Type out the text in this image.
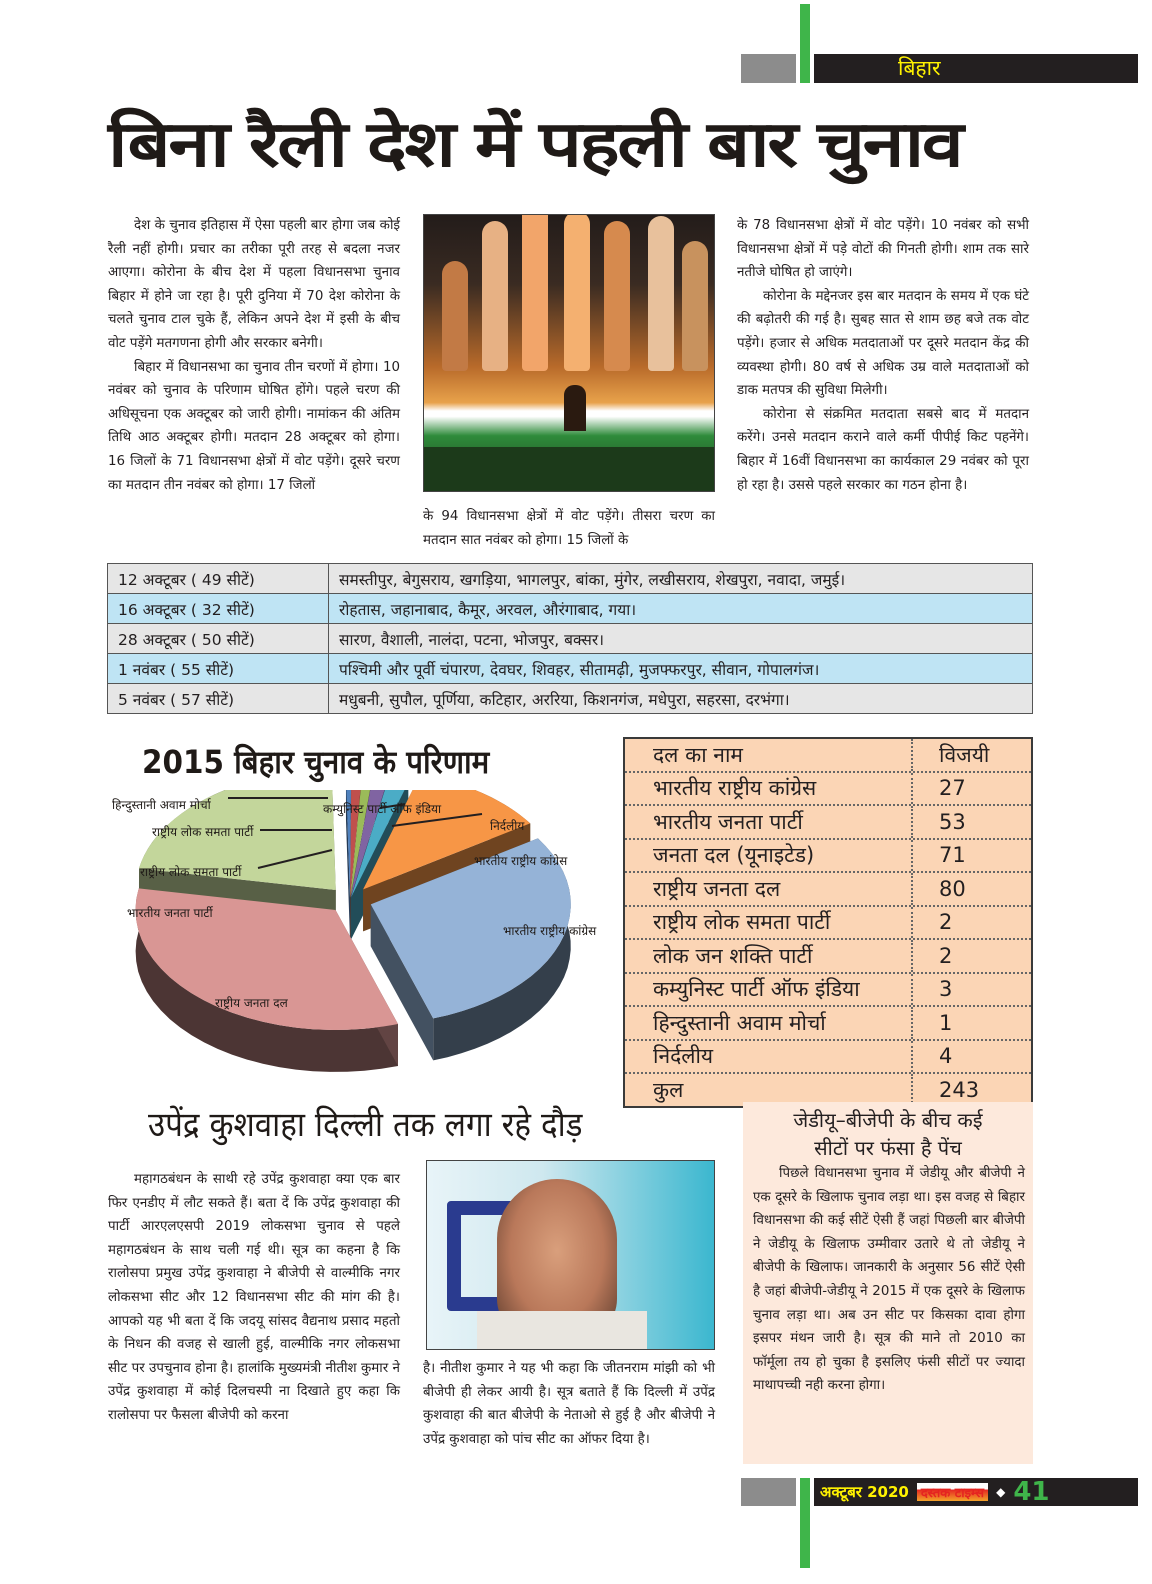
बिहार
बिना रैली देश में पहली बार चुनाव

देश के चुनाव इतिहास में ऐसा पहली बार होगा जब कोई रैली नहीं होगी। प्रचार का तरीका पूरी तरह से बदला नजर आएगा। कोरोना के बीच देश में पहला विधानसभा चुनाव बिहार में होने जा रहा है। पूरी दुनिया में 70 देश कोरोना के चलते चुनाव टाल चुके हैं, लेकिन अपने देश में इसी के बीच वोट पड़ेंगे मतगणना होगी और सरकार बनेगी।

बिहार में विधानसभा का चुनाव तीन चरणों में होगा। 10 नवंबर को चुनाव के परिणाम घोषित होंगे। पहले चरण की अधिसूचना एक अक्टूबर को जारी होगी। नामांकन की अंतिम तिथि आठ अक्टूबर होगी। मतदान 28 अक्टूबर को होगा। 16 जिलों के 71 विधानसभा क्षेत्रों में वोट पड़ेंगे। दूसरे चरण का मतदान तीन नवंबर को होगा। 17 जिलों

के 94 विधानसभा क्षेत्रों में वोट पड़ेंगे। तीसरा चरण का मतदान सात नवंबर को होगा। 15 जिलों के

के 78 विधानसभा क्षेत्रों में वोट पड़ेंगे। 10 नवंबर को सभी विधानसभा क्षेत्रों में पड़े वोटों की गिनती होगी। शाम तक सारे नतीजे घोषित हो जाएंगे।

कोरोना के मद्देनजर इस बार मतदान के समय में एक घंटे की बढ़ोतरी की गई है। सुबह सात से शाम छह बजे तक वोट पड़ेंगे। हजार से अधिक मतदाताओं पर दूसरे मतदान केंद्र की व्यवस्था होगी। 80 वर्ष से अधिक उम्र वाले मतदाताओं को डाक मतपत्र की सुविधा मिलेगी।

कोरोना से संक्रमित मतदाता सबसे बाद में मतदान करेंगे। उनसे मतदान कराने वाले कर्मी पीपीई किट पहनेंगे। बिहार में 16वीं विधानसभा का कार्यकाल 29 नवंबर को पूरा हो रहा है। उससे पहले सरकार का गठन होना है।

12 अक्टूबर ( 49 सीटें)	समस्तीपुर, बेगुसराय, खगड़िया, भागलपुर, बांका, मुंगेर, लखीसराय, शेखपुरा, नवादा, जमुई।
16 अक्टूबर ( 32 सीटें)	रोहतास, जहानाबाद, कैमूर, अरवल, औरंगाबाद, गया।
28 अक्टूबर ( 50 सीटें)	सारण, वैशाली, नालंदा, पटना, भोजपुर, बक्सर।
1 नवंबर ( 55 सीटें)	पश्चिमी और पूर्वी चंपारण, देवघर, शिवहर, सीतामढ़ी, मुजफ्फरपुर, सीवान, गोपालगंज।
5 नवंबर ( 57 सीटें)	मधुबनी, सुपौल, पूर्णिया, कटिहार, अररिया, किशनगंज, मधेपुरा, सहरसा, दरभंगा।
2015 बिहार चुनाव के परिणाम
हिन्दुस्तानी अवाम मोर्चा
राष्ट्रीय लोक समता पार्टी
राष्ट्रीय लोक समता पार्टी
कम्युनिस्ट पार्टी ऑफ इंडिया
निर्दलीय
भारतीय राष्ट्रीय कांग्रेस
भारतीय राष्ट्रीय कांग्रेस
राष्ट्रीय जनता दल
भारतीय जनता पार्टी
दल का नाम	विजयी
भारतीय राष्ट्रीय कांग्रेस	27
भारतीय जनता पार्टी	53
जनता दल (यूनाइटेड)	71
राष्ट्रीय जनता दल	80
राष्ट्रीय लोक समता पार्टी	2
लोक जन शक्ति पार्टी	2
कम्युनिस्ट पार्टी ऑफ इंडिया	3
हिन्दुस्तानी अवाम मोर्चा	1
निर्दलीय	4
कुल	243
उपेंद्र कुशवाहा दिल्ली तक लगा रहे दौड़

महागठबंधन के साथी रहे उपेंद्र कुशवाहा क्या एक बार फिर एनडीए में लौट सकते हैं। बता दें कि उपेंद्र कुशवाहा की पार्टी आरएलएसपी 2019 लोकसभा चुनाव से पहले महागठबंधन के साथ चली गई थी। सूत्र का कहना है कि रालोसपा प्रमुख उपेंद्र कुशवाहा ने बीजेपी से वाल्मीकि नगर लोकसभा सीट और 12 विधानसभा सीट की मांग की है। आपको यह भी बता दें कि जदयू सांसद वैद्यनाथ प्रसाद महतो के निधन की वजह से खाली हुई, वाल्मीकि नगर लोकसभा सीट पर उपचुनाव होना है। हालांकि मुख्यमंत्री नीतीश कुमार ने उपेंद्र कुशवाहा में कोई दिलचस्पी ना दिखाते हुए कहा कि रालोसपा पर फैसला बीजेपी को करना

है। नीतीश कुमार ने यह भी कहा कि जीतनराम मांझी को भी बीजेपी ही लेकर आयी है। सूत्र बताते हैं कि दिल्ली में उपेंद्र कुशवाहा की बात बीजेपी के नेताओ से हुई है और बीजेपी ने उपेंद्र कुशवाहा को पांच सीट का ऑफर दिया है।

जेडीयू–बीजेपी के बीच कई
सीटों पर फंसा है पेंच

पिछले विधानसभा चुनाव में जेडीयू और बीजेपी ने एक दूसरे के खिलाफ चुनाव लड़ा था। इस वजह से बिहार विधानसभा की कई सीटें ऐसी हैं जहां पिछली बार बीजेपी ने जेडीयू के खिलाफ उम्मीवार उतारे थे तो जेडीयू ने बीजेपी के खिलाफ। जानकारी के अनुसार 56 सीटें ऐसी है जहां बीजेपी-जेडीयू ने 2015 में एक दूसरे के खिलाफ चुनाव लड़ा था। अब उन सीट पर किसका दावा होगा इसपर मंथन जारी है। सूत्र की माने तो 2010 का फॉर्मूला तय हो चुका है इसलिए फंसी सीटों पर ज्यादा माथापच्ची नही करना होगा।

अक्टूबर 2020 दस्तक टाइम्स	◆ 41
